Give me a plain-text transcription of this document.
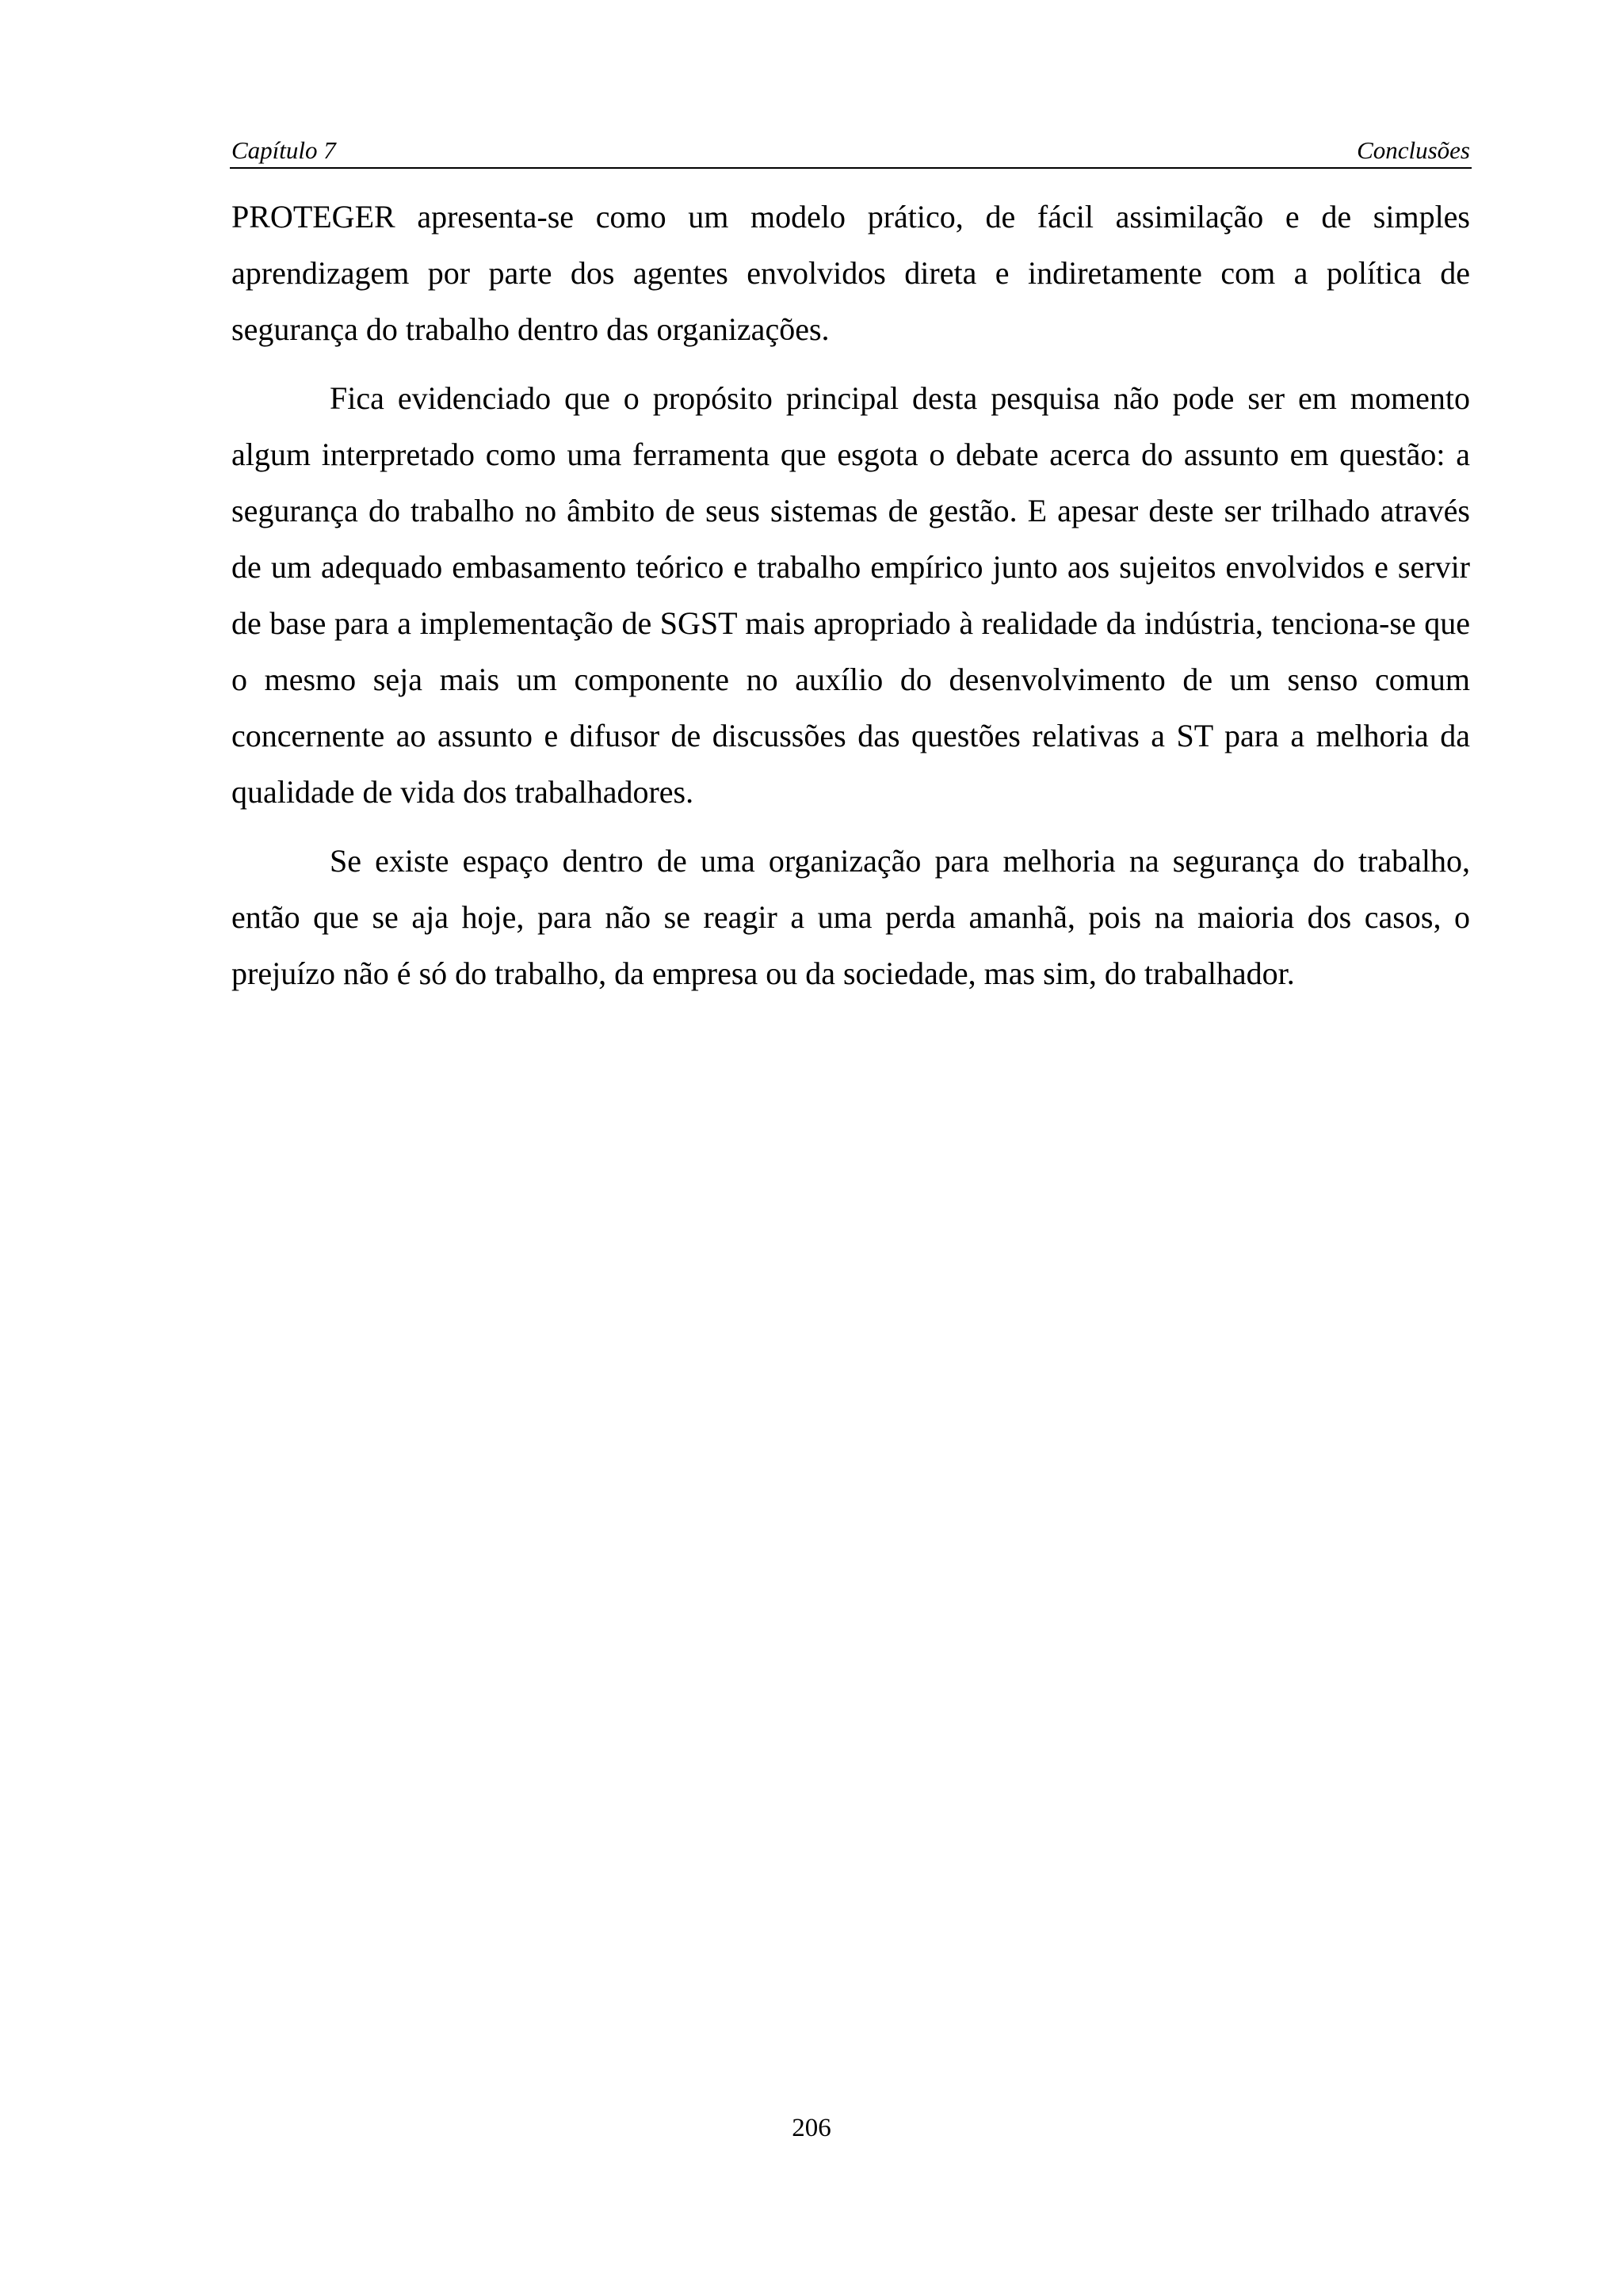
Capítulo 7	Conclusões

PROTEGER apresenta-se como um modelo prático, de fácil assimilação e de simples aprendizagem por parte dos agentes envolvidos direta e indiretamente com a política de segurança do trabalho dentro das organizações.

Fica evidenciado que o propósito principal desta pesquisa não pode ser em momento algum interpretado como uma ferramenta que esgota o debate acerca do assunto em questão: a segurança do trabalho no âmbito de seus sistemas de gestão. E apesar deste ser trilhado através de um adequado embasamento teórico e trabalho empírico junto aos sujeitos envolvidos e servir de base para a implementação de SGST mais apropriado à realidade da indústria, tenciona-se que o mesmo seja mais um componente no auxílio do desenvolvimento de um senso comum concernente ao assunto e difusor de discussões das questões relativas a ST para a melhoria da qualidade de vida dos trabalhadores.

Se existe espaço dentro de uma organização para melhoria na segurança do trabalho, então que se aja hoje, para não se reagir a uma perda amanhã, pois na maioria dos casos, o prejuízo não é só do trabalho, da empresa ou da sociedade, mas sim, do trabalhador.

206
